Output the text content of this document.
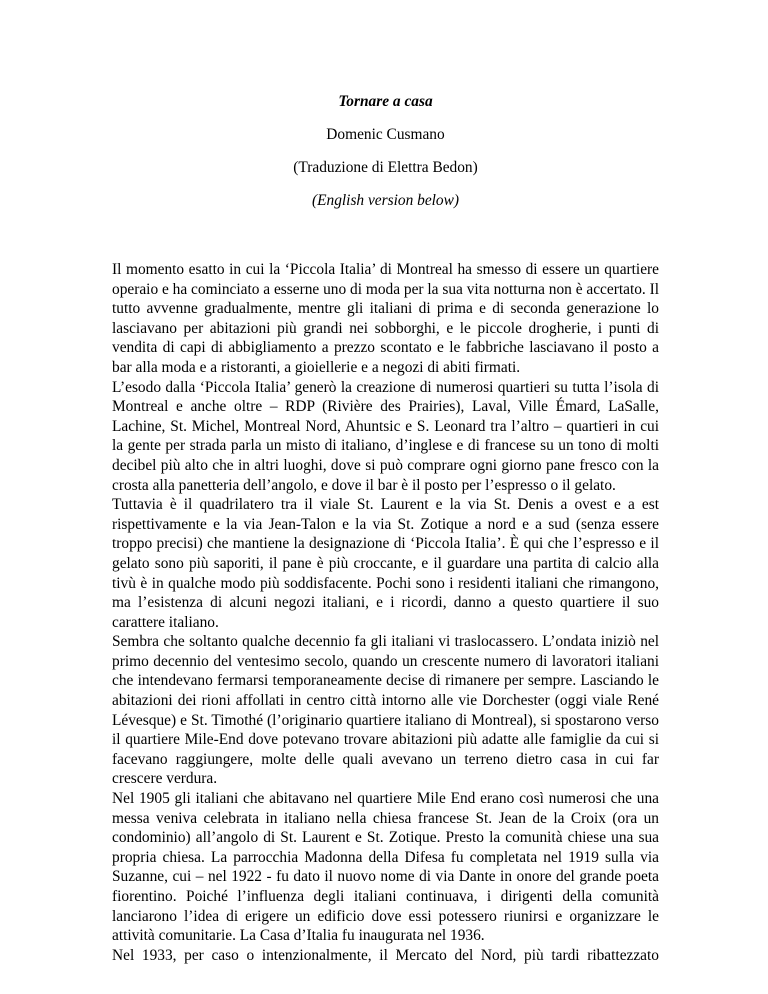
Tornare a casa
Domenic Cusmano
(Traduzione di Elettra Bedon)
(English version below)

Il momento esatto in cui la ‘Piccola Italia’ di Montreal ha smesso di essere un quartiere operaio e ha cominciato a esserne uno di moda per la sua vita notturna non è accertato. Il tutto avvenne gradualmente, mentre gli italiani di prima e di seconda generazione lo lasciavano per abitazioni più grandi nei sobborghi, e le piccole drogherie, i punti di vendita di capi di abbigliamento a prezzo scontato e le fabbriche lasciavano il posto a bar alla moda e a ristoranti, a gioiellerie e a negozi di abiti firmati.

L’esodo dalla ‘Piccola Italia’ generò la creazione di numerosi quartieri su tutta l’isola di Montreal e anche oltre – RDP (Rivière des Prairies), Laval, Ville Émard, LaSalle, Lachine, St. Michel, Montreal Nord, Ahuntsic e S. Leonard tra l’altro – quartieri in cui la gente per strada parla un misto di italiano, d’inglese e di francese su un tono di molti decibel più alto che in altri luoghi, dove si può comprare ogni giorno pane fresco con la crosta alla panetteria dell’angolo, e dove il bar è il posto per l’espresso o il gelato.

Tuttavia è il quadrilatero tra il viale St. Laurent e la via St. Denis a ovest e a est rispettivamente e la via Jean-Talon e la via St. Zotique a nord e a sud (senza essere troppo precisi) che mantiene la designazione di ‘Piccola Italia’. È qui che l’espresso e il gelato sono più saporiti, il pane è più croccante, e il guardare una partita di calcio alla tivù è in qualche modo più soddisfacente. Pochi sono i residenti italiani che rimangono, ma l’esistenza di alcuni negozi italiani, e i ricordi, danno a questo quartiere il suo carattere italiano.

Sembra che soltanto qualche decennio fa gli italiani vi traslocassero. L’ondata iniziò nel primo decennio del ventesimo secolo, quando un crescente numero di lavoratori italiani che intendevano fermarsi temporaneamente decise di rimanere per sempre. Lasciando le abitazioni dei rioni affollati in centro città intorno alle vie Dorchester (oggi viale René Lévesque) e St. Timothé (l’originario quartiere italiano di Montreal), si spostarono verso il quartiere Mile-End dove potevano trovare abitazioni più adatte alle famiglie da cui si facevano raggiungere, molte delle quali avevano un terreno dietro casa in cui far crescere verdura.

Nel 1905 gli italiani che abitavano nel quartiere Mile End erano così numerosi che una messa veniva celebrata in italiano nella chiesa francese St. Jean de la Croix (ora un condominio) all’angolo di St. Laurent e St. Zotique. Presto la comunità chiese una sua propria chiesa. La parrocchia Madonna della Difesa fu completata nel 1919 sulla via Suzanne, cui – nel 1922 - fu dato il nuovo nome di via Dante in onore del grande poeta fiorentino. Poiché l’influenza degli italiani continuava, i dirigenti della comunità lanciarono l’idea di erigere un edificio dove essi potessero riunirsi e organizzare le attività comunitarie. La Casa d’Italia fu inaugurata nel 1936.

Nel 1933, per caso o intenzionalmente, il Mercato del Nord, più tardi ribattezzato
